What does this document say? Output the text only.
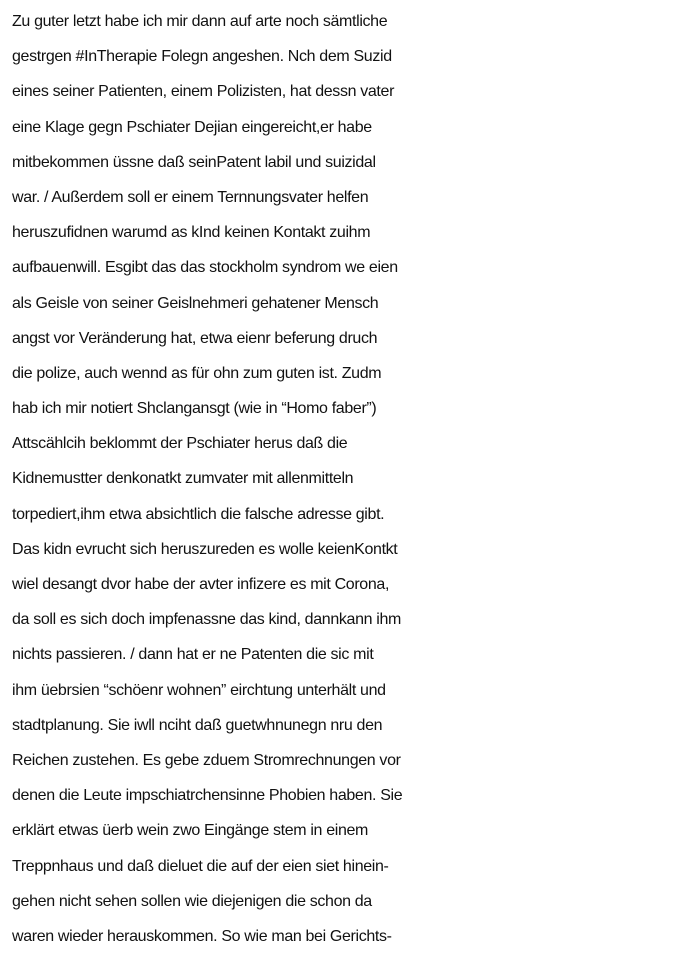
Zu guter letzt habe ich mir dann auf arte noch sämtliche
gestrgen #InTherapie Folegn angeshen. Nch dem Suzid
eines seiner Patienten, einem Polizisten, hat dessn vater
eine Klage gegn Pschiater Dejian eingereicht,er habe
mitbekommen üssne daß seinPatent labil und suizidal
war. / Außerdem soll er einem Ternnungsvater helfen
heruszufidnen warumd as kInd keinen Kontakt zuihm
aufbauenwill. Esgibt das das stockholm syndrom we eien
als Geisle von seiner Geislnehmeri gehatener Mensch
angst vor Veränderung hat, etwa eienr beferung druch
die polize, auch wennd as für ohn zum guten ist. Zudm
hab ich mir notiert Shclangansgt (wie in “Homo faber”)
Attscählcih beklommt der Pschiater herus daß die
Kidnemustter denkonatkt zumvater mit allenmitteln
torpediert,ihm etwa absichtlich die falsche adresse gibt.
Das kidn evrucht sich heruszureden es wolle keienKontkt
wiel desangt dvor habe der avter infizere es mit Corona,
da soll es sich doch impfenassne das kind, dannkann ihm
nichts passieren. / dann hat er ne Patenten die sic mit
ihm üebrsien “schöenr wohnen” eirchtung unterhält und
stadtplanung. Sie iwll nciht daß guetwhnunegn nru den
Reichen zustehen. Es gebe zduem Stromrechnungen vor
denen die Leute impschiatrchensinne Phobien haben. Sie
erklärt etwas üerb wein zwo Eingänge stem in einem
Treppnhaus und daß dieluet die auf der eien siet hinein-
gehen nicht sehen sollen wie diejenigen die schon da
waren wieder herauskommen. So wie man bei Gerichts-
